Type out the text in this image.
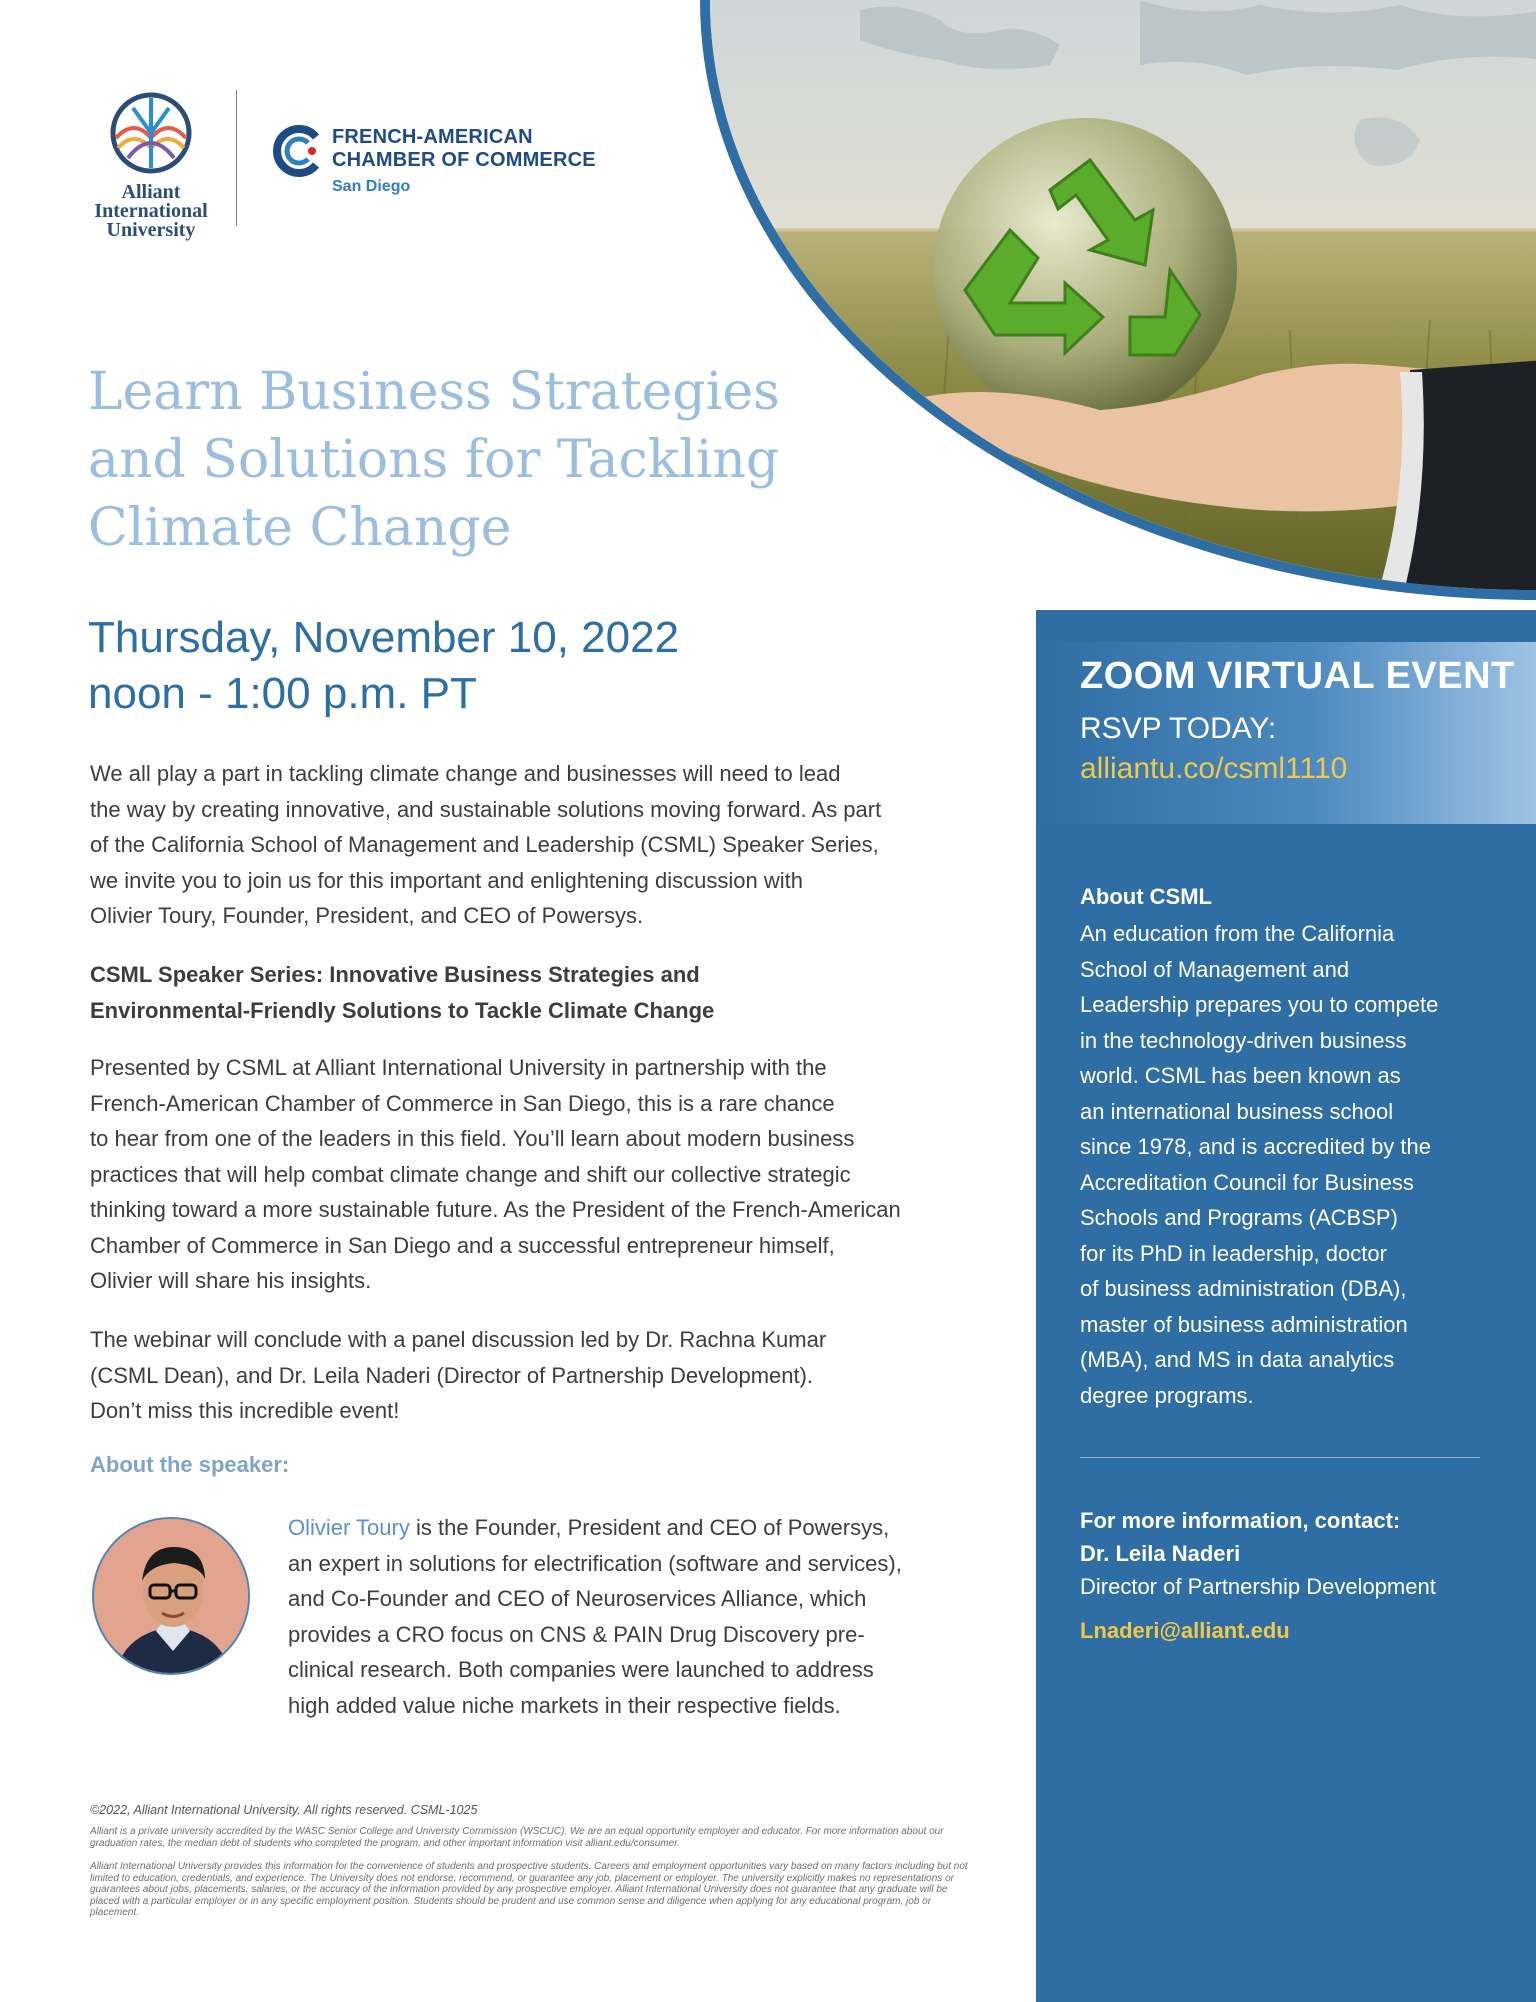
Alliant
International
University
FRENCH-AMERICAN
CHAMBER OF COMMERCE
San Diego
Learn Business Strategies
and Solutions for Tackling
Climate Change
Thursday, November 10, 2022
noon - 1:00 p.m. PT
We all play a part in tackling climate change and businesses will need to lead
the way by creating innovative, and sustainable solutions moving forward. As part
of the California School of Management and Leadership (CSML) Speaker Series,
we invite you to join us for this important and enlightening discussion with
Olivier Toury, Founder, President, and CEO of Powersys.
CSML Speaker Series: Innovative Business Strategies and
Environmental-Friendly Solutions to Tackle Climate Change
Presented by CSML at Alliant International University in partnership with the
French-American Chamber of Commerce in San Diego, this is a rare chance
to hear from one of the leaders in this field. You’ll learn about modern business
practices that will help combat climate change and shift our collective strategic
thinking toward a more sustainable future. As the President of the French-American
Chamber of Commerce in San Diego and a successful entrepreneur himself,
Olivier will share his insights.
The webinar will conclude with a panel discussion led by Dr. Rachna Kumar
(CSML Dean), and Dr. Leila Naderi (Director of Partnership Development).
Don’t miss this incredible event!
About the speaker:
Olivier Toury is the Founder, President and CEO of Powersys,
an expert in solutions for electrification (software and services),
and Co-Founder and CEO of Neuroservices Alliance, which
provides a CRO focus on CNS & PAIN Drug Discovery pre-
clinical research. Both companies were launched to address
high added value niche markets in their respective fields.
©2022, Alliant International University. All rights reserved. CSML-1025
Alliant is a private university accredited by the WASC Senior College and University Commission (WSCUC). We are an equal opportunity employer and educator. For more information about our graduation rates, the median debt of students who completed the program, and other important information visit alliant.edu/consumer.
Alliant International University provides this information for the convenience of students and prospective students. Careers and employment opportunities vary based on many factors including but not limited to education, credentials, and experience. The University does not endorse, recommend, or guarantee any job, placement or employer. The university explicitly makes no representations or guarantees about jobs, placements, salaries, or the accuracy of the information provided by any prospective employer. Alliant International University does not guarantee that any graduate will be placed with a particular employer or in any specific employment position. Students should be prudent and use common sense and diligence when applying for any educational program, job or placement.
ZOOM VIRTUAL EVENT
RSVP TODAY:
alliantu.co/csml1110
About CSML
An education from the California
School of Management and
Leadership prepares you to compete
in the technology-driven business
world. CSML has been known as
an international business school
since 1978, and is accredited by the
Accreditation Council for Business
Schools and Programs (ACBSP)
for its PhD in leadership, doctor
of business administration (DBA),
master of business administration
(MBA), and MS in data analytics
degree programs.
For more information, contact:
Dr. Leila Naderi
Director of Partnership Development
Lnaderi@alliant.edu
